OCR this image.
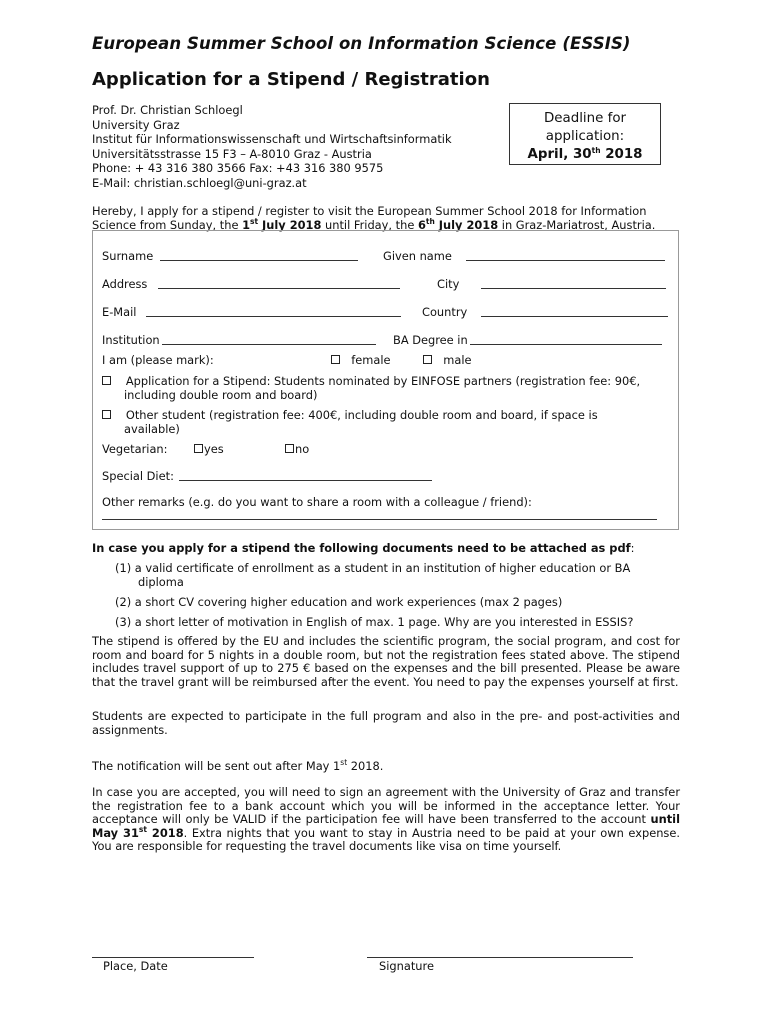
European Summer School on Information Science (ESSIS)
Application for a Stipend / Registration
Prof. Dr. Christian Schloegl
University Graz
Institut für Informationswissenschaft und Wirtschaftsinformatik
Universitätsstrasse 15 F3 – A-8010 Graz - Austria
Phone: + 43 316 380 3566 Fax: +43 316 380 9575
E-Mail: christian.schloegl@uni-graz.at
Deadline for
application:
April, 30th 2018
Hereby, I apply for a stipend / register to visit the European Summer School 2018 for Information Science from Sunday, the 1st July 2018 until Friday, the 6th July 2018 in Graz-Mariatrost, Austria.
Surname	Given name
Address	City
E-Mail	Country
Institution	BA Degree in
I am (please mark):	female	male
Application for a Stipend: Students nominated by EINFOSE partners (registration fee: 90€,
including double room and board)
Other student (registration fee: 400€, including double room and board, if space is
available)
Vegetarian:	yes	no
Special Diet:
Other remarks (e.g. do you want to share a room with a colleague / friend):
In case you apply for a stipend the following documents need to be attached as pdf:
(1) a valid certificate of enrollment as a student in an institution of higher education or BA
diploma
(2) a short CV covering higher education and work experiences (max 2 pages)
(3) a short letter of motivation in English of max. 1 page. Why are you interested in ESSIS?
The stipend is offered by the EU and includes the scientific program, the social program, and cost for room and board for 5 nights in a double room, but not the registration fees stated above. The stipend includes travel support of up to 275 € based on the expenses and the bill presented. Please be aware that the travel grant will be reimbursed after the event. You need to pay the expenses yourself at first.
Students are expected to participate in the full program and also in the pre- and post-activities and assignments.
The notification will be sent out after May 1st 2018.
In case you are accepted, you will need to sign an agreement with the University of Graz and transfer the registration fee to a bank account which you will be informed in the acceptance letter. Your acceptance will only be VALID if the participation fee will have been transferred to the account until May 31st 2018. Extra nights that you want to stay in Austria need to be paid at your own expense. You are responsible for requesting the travel documents like visa on time yourself.
Place, Date	Signature
